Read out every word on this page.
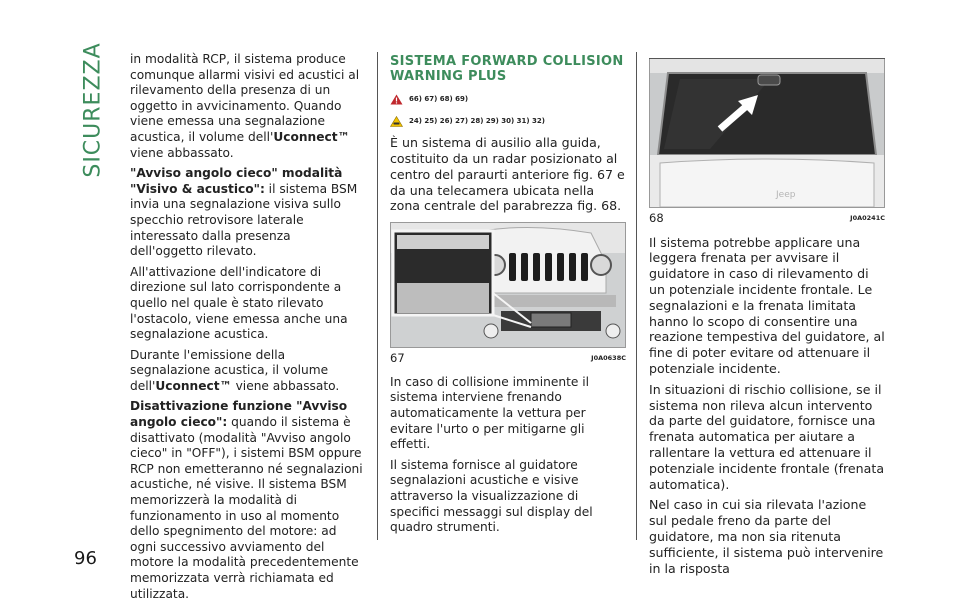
SICUREZZA
96

in modalità RCP, il sistema produce comunque allarmi visivi ed acustici al rilevamento della presenza di un oggetto in avvicinamento. Quando viene emessa una segnalazione acustica, il volume dell'Uconnect™ viene abbassato.

"Avviso angolo cieco" modalità "Visivo & acustico": il sistema BSM invia una segnalazione visiva sullo specchio retrovisore laterale interessato dalla presenza dell'oggetto rilevato.

All'attivazione dell'indicatore di direzione sul lato corrispondente a quello nel quale è stato rilevato l'ostacolo, viene emessa anche una segnalazione acustica.

Durante l'emissione della segnalazione acustica, il volume dell'Uconnect™ viene abbassato.

Disattivazione funzione "Avviso angolo cieco": quando il sistema è disattivato (modalità "Avviso angolo cieco" in "OFF"), i sistemi BSM oppure RCP non emetteranno né segnalazioni acustiche, né visive. Il sistema BSM memorizzerà la modalità di funzionamento in uso al momento dello spegnimento del motore: ad ogni successivo avviamento del motore la modalità precedentemente memorizzata verrà richiamata ed utilizzata.

SISTEMA FORWARD COLLISION WARNING PLUS
66) 67) 68) 69)
24) 25) 26) 27) 28) 29) 30) 31) 32)

È un sistema di ausilio alla guida, costituito da un radar posizionato al centro del paraurti anteriore fig. 67 e da una telecamera ubicata nella zona centrale del parabrezza fig. 68.

67	J0A0638C

In caso di collisione imminente il sistema interviene frenando automaticamente la vettura per evitare l'urto o per mitigarne gli effetti.

Il sistema fornisce al guidatore segnalazioni acustiche e visive attraverso la visualizzazione di specifici messaggi sul display del quadro strumenti.

Jeep
68	J0A0241C

Il sistema potrebbe applicare una leggera frenata per avvisare il guidatore in caso di rilevamento di un potenziale incidente frontale. Le segnalazioni e la frenata limitata hanno lo scopo di consentire una reazione tempestiva del guidatore, al fine di poter evitare od attenuare il potenziale incidente.

In situazioni di rischio collisione, se il sistema non rileva alcun intervento da parte del guidatore, fornisce una frenata automatica per aiutare a rallentare la vettura ed attenuare il potenziale incidente frontale (frenata automatica).

Nel caso in cui sia rilevata l'azione sul pedale freno da parte del guidatore, ma non sia ritenuta sufficiente, il sistema può intervenire in la risposta
